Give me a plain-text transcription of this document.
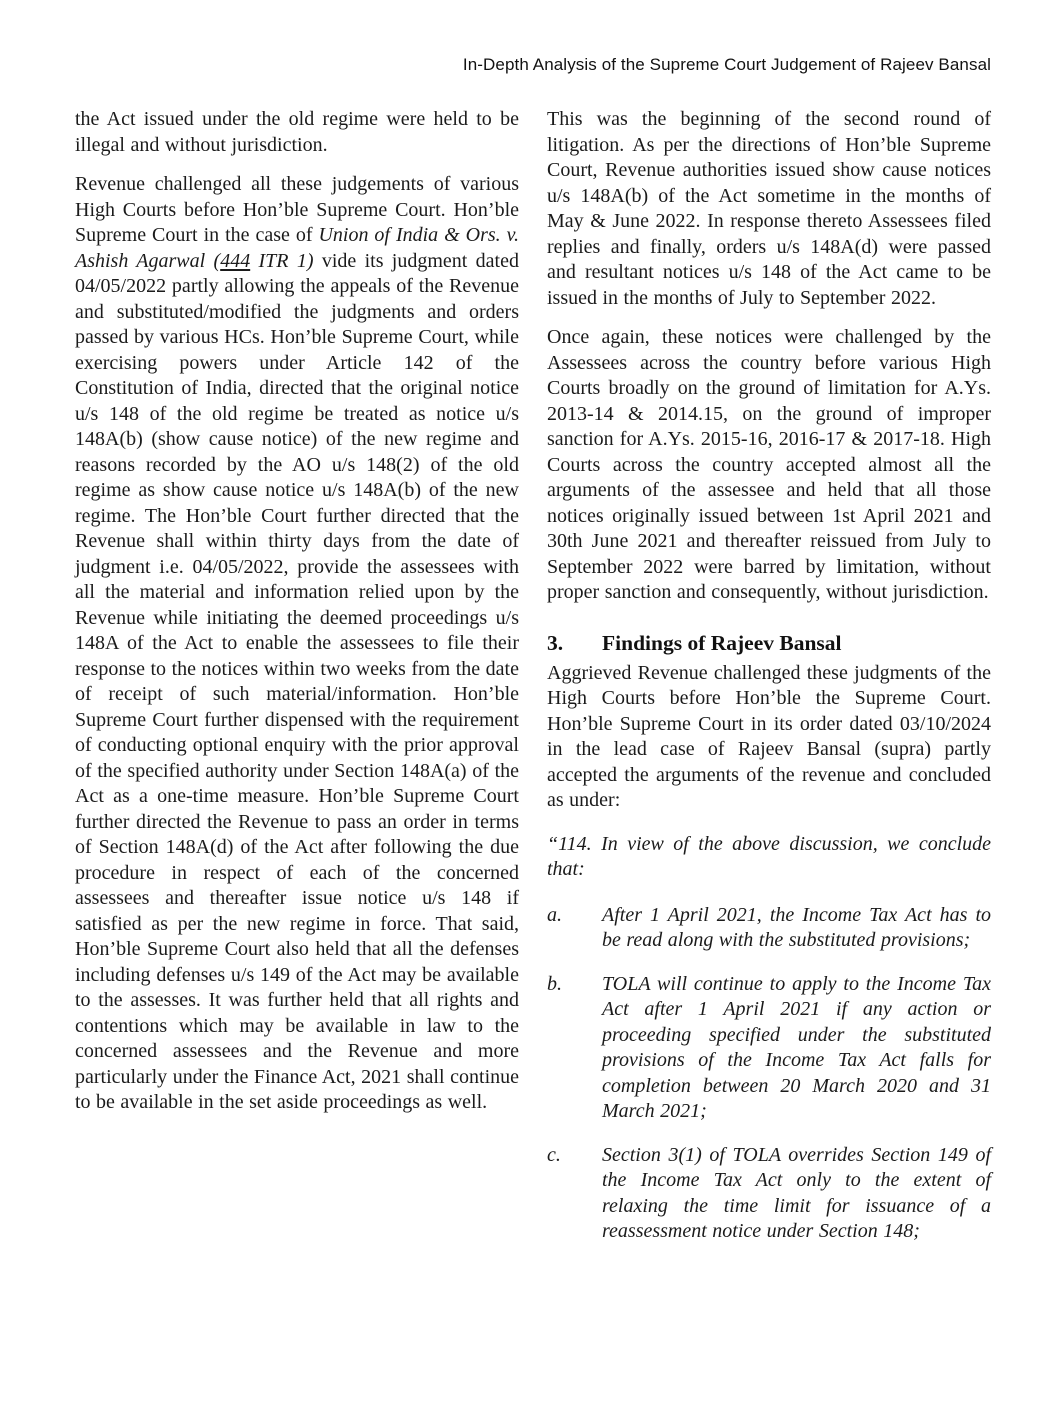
In-Depth Analysis of the Supreme Court Judgement of Rajeev Bansal

the Act issued under the old regime were held to be illegal and without jurisdiction.

Revenue challenged all these judgements of various High Courts before Hon’ble Supreme Court. Hon’ble Supreme Court in the case of Union of India & Ors. v. Ashish Agarwal (444 ITR 1) vide its judgment dated 04/05/2022 partly allowing the appeals of the Revenue and substituted/modified the judgments and orders passed by various HCs. Hon’ble Supreme Court, while exercising powers under Article 142 of the Constitution of India, directed that the original notice u/s 148 of the old regime be treated as notice u/s 148A(b) (show cause notice) of the new regime and reasons recorded by the AO u/s 148(2) of the old regime as show cause notice u/s 148A(b) of the new regime. The Hon’ble Court further directed that the Revenue shall within thirty days from the date of judgment i.e. 04/05/2022, provide the assessees with all the material and information relied upon by the Revenue while initiating the deemed proceedings u/s 148A of the Act to enable the assessees to file their response to the notices within two weeks from the date of receipt of such material/information. Hon’ble Supreme Court further dispensed with the requirement of conducting optional enquiry with the prior approval of the specified authority under Section 148A(a) of the Act as a one-time measure. Hon’ble Supreme Court further directed the Revenue to pass an order in terms of Section 148A(d) of the Act after following the due procedure in respect of each of the concerned assessees and thereafter issue notice u/s 148 if satisfied as per the new regime in force. That said, Hon’ble Supreme Court also held that all the defenses including defenses u/s 149 of the Act may be available to the assesses. It was further held that all rights and contentions which may be available in law to the concerned assessees and the Revenue and more particularly under the Finance Act, 2021 shall continue to be available in the set aside proceedings as well.

This was the beginning of the second round of litigation. As per the directions of Hon’ble Supreme Court, Revenue authorities issued show cause notices u/s 148A(b) of the Act sometime in the months of May & June 2022. In response thereto Assessees filed replies and finally, orders u/s 148A(d) were passed and resultant notices u/s 148 of the Act came to be issued in the months of July to September 2022.

Once again, these notices were challenged by the Assessees across the country before various High Courts broadly on the ground of limitation for A.Ys. 2013-14 & 2014.15, on the ground of improper sanction for A.Ys. 2015-16, 2016-17 & 2017-18. High Courts across the country accepted almost all the arguments of the assessee and held that all those notices originally issued between 1st April 2021 and 30th June 2021 and thereafter reissued from July to September 2022 were barred by limitation, without proper sanction and consequently, without jurisdiction.

3.	Findings of Rajeev Bansal

Aggrieved Revenue challenged these judgments of the High Courts before Hon’ble the Supreme Court. Hon’ble Supreme Court in its order dated 03/10/2024 in the lead case of Rajeev Bansal (supra) partly accepted the arguments of the revenue and concluded as under:

“114. In view of the above discussion, we conclude that:

a.	After 1 April 2021, the Income Tax Act has to be read along with the substituted provisions;
b.	TOLA will continue to apply to the Income Tax Act after 1 April 2021 if any action or proceeding specified under the substituted provisions of the Income Tax Act falls for completion between 20 March 2020 and 31 March 2021;
c.	Section 3(1) of TOLA overrides Section 149 of the Income Tax Act only to the extent of relaxing the time limit for issuance of a reassessment notice under Section 148;
